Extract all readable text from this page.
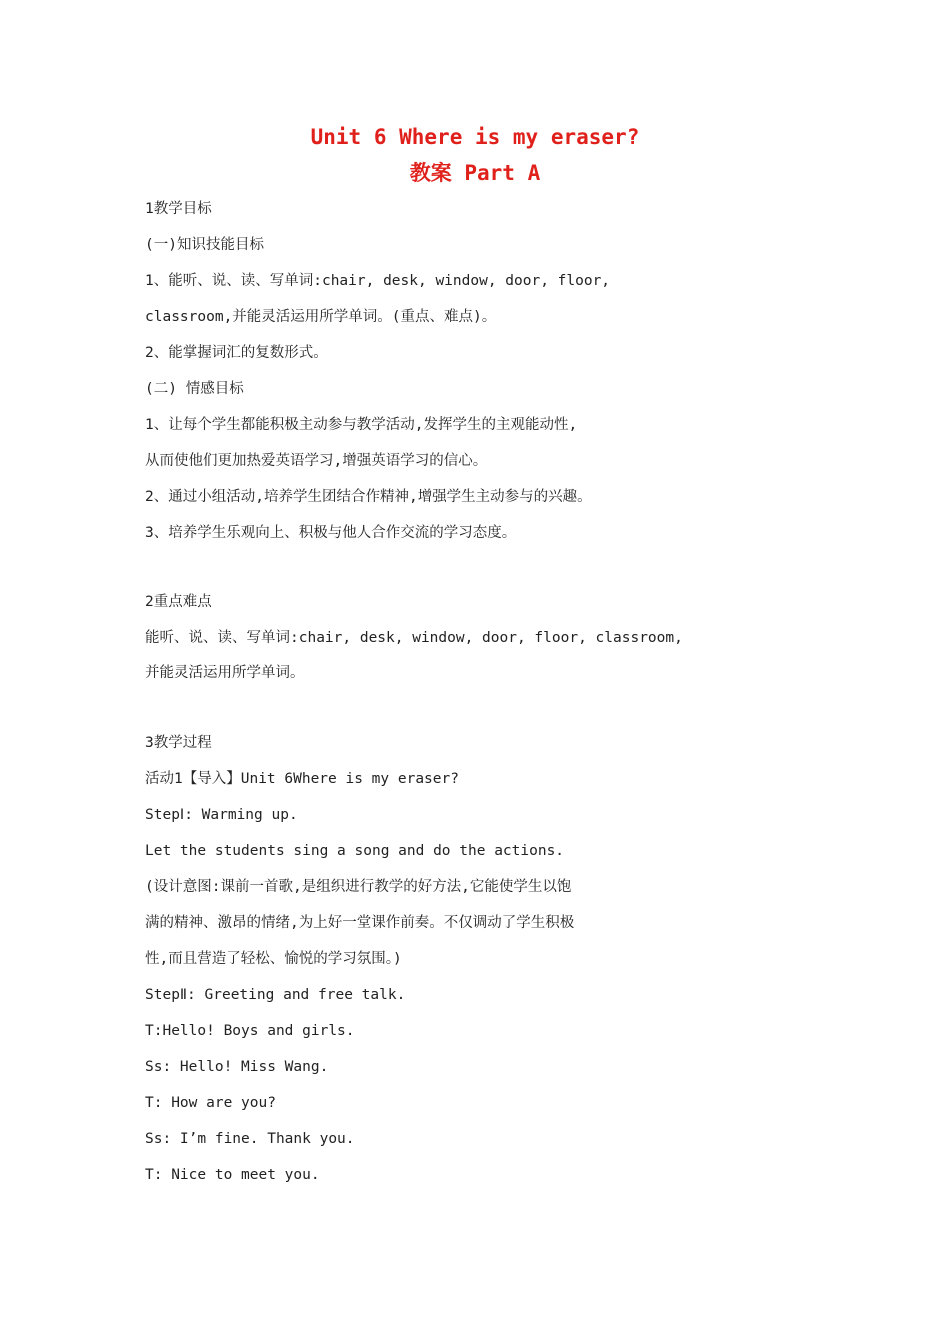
Unit 6 Where is my eraser?
教案 Part A
1教学目标
(一)知识技能目标
1、能听、说、读、写单词:chair, desk, window, door, floor,
classroom,并能灵活运用所学单词。(重点、难点)。
2、能掌握词汇的复数形式。
(二) 情感目标
1、让每个学生都能积极主动参与教学活动,发挥学生的主观能动性,
从而使他们更加热爱英语学习,增强英语学习的信心。
2、通过小组活动,培养学生团结合作精神,增强学生主动参与的兴趣。
3、培养学生乐观向上、积极与他人合作交流的学习态度。
2重点难点
能听、说、读、写单词:chair, desk, window, door, floor, classroom,
并能灵活运用所学单词。
3教学过程
活动1【导入】Unit 6Where is my eraser?
StepⅠ: Warming up.
Let the students sing a song and do the actions.
(设计意图:课前一首歌,是组织进行教学的好方法,它能使学生以饱
满的精神、激昂的情绪,为上好一堂课作前奏。不仅调动了学生积极
性,而且营造了轻松、愉悦的学习氛围。)
StepⅡ: Greeting and free talk.
T:Hello! Boys and girls.
Ss: Hello! Miss Wang.
T: How are you?
Ss: I’m fine. Thank you.
T: Nice to meet you.
